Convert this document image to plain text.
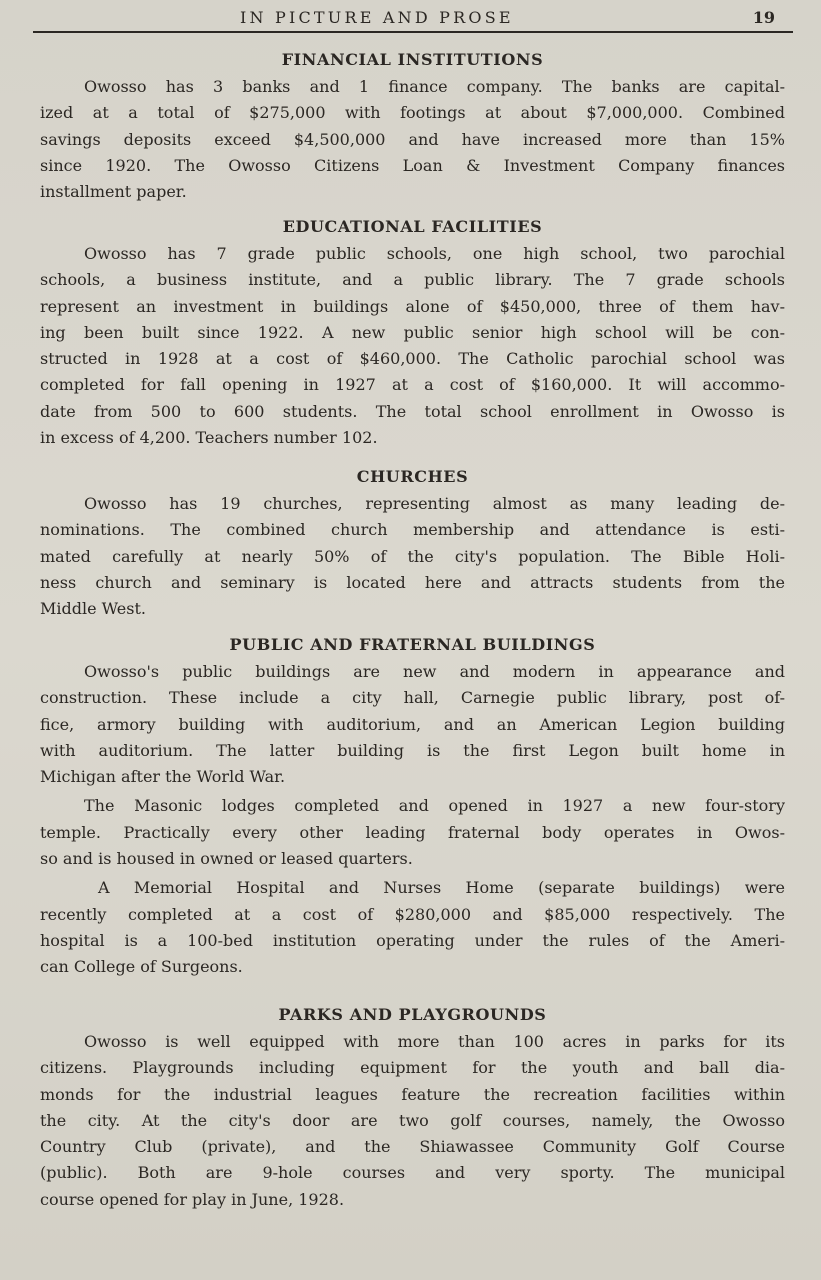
IN PICTURE AND PROSE	19
FINANCIAL INSTITUTIONS
Owosso has 3 banks and 1 finance company. The banks are capital-
ized at a total of $275,000 with footings at about $7,000,000. Combined
savings deposits exceed $4,500,000 and have increased more than 15%
since 1920. The Owosso Citizens Loan & Investment Company finances
installment paper.
EDUCATIONAL FACILITIES
Owosso has 7 grade public schools, one high school, two parochial
schools, a business institute, and a public library. The 7 grade schools
represent an investment in buildings alone of $450,000, three of them hav-
ing been built since 1922. A new public senior high school will be con-
structed in 1928 at a cost of $460,000. The Catholic parochial school was
completed for fall opening in 1927 at a cost of $160,000. It will accommo-
date from 500 to 600 students. The total school enrollment in Owosso is
in excess of 4,200. Teachers number 102.
CHURCHES
Owosso has 19 churches, representing almost as many leading de-
nominations. The combined church membership and attendance is esti-
mated carefully at nearly 50% of the city's population. The Bible Holi-
ness church and seminary is located here and attracts students from the
Middle West.
PUBLIC AND FRATERNAL BUILDINGS
Owosso's public buildings are new and modern in appearance and
construction. These include a city hall, Carnegie public library, post of-
fice, armory building with auditorium, and an American Legion building
with auditorium. The latter building is the first Legon built home in
Michigan after the World War.
The Masonic lodges completed and opened in 1927 a new four-story
temple. Practically every other leading fraternal body operates in Owos-
so and is housed in owned or leased quarters.
A Memorial Hospital and Nurses Home (separate buildings) were
recently completed at a cost of $280,000 and $85,000 respectively. The
hospital is a 100-bed institution operating under the rules of the Ameri-
can College of Surgeons.
PARKS AND PLAYGROUNDS
Owosso is well equipped with more than 100 acres in parks for its
citizens. Playgrounds including equipment for the youth and ball dia-
monds for the industrial leagues feature the recreation facilities within
the city. At the city's door are two golf courses, namely, the Owosso
Country Club (private), and the Shiawassee Community Golf Course
(public). Both are 9-hole courses and very sporty. The municipal
course opened for play in June, 1928.
